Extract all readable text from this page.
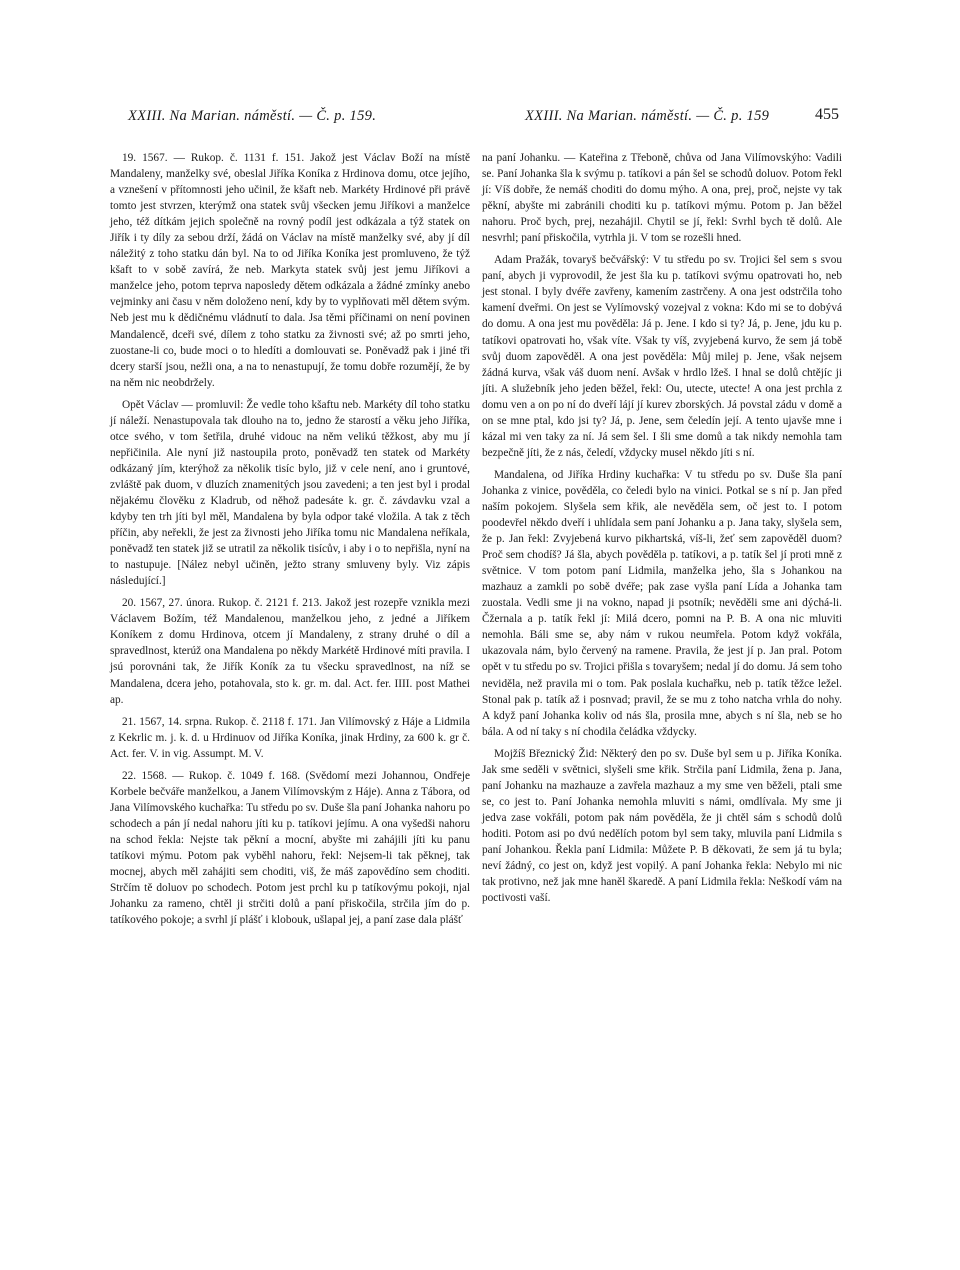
XXIII. Na Marian. náměstí. — Č. p. 159.	XXIII. Na Marian. náměstí. — Č. p. 159	455

19. 1567. — Rukop. č. 1131 f. 151. Jakož jest Václav Boží na místě Mandaleny, manželky své, obeslal Jiříka Koníka z Hrdinova domu, otce jejího, a vznešení v přítomnosti jeho učinil, že kšaft neb. Markéty Hrdinové při právě tomto jest stvrzen, kterýmž ona statek svůj všecken jemu Jiříkovi a manželce jeho, též dítkám jejich společně na rovný podíl jest odkázala a týž statek on Jiřík i ty díly za sebou drží, žádá on Václav na místě manželky své, aby jí díl náležitý z toho statku dán byl. Na to od Jiříka Koníka jest promluveno, že týž kšaft to v sobě zavírá, že neb. Markyta statek svůj jest jemu Jiříkovi a manželce jeho, potom teprva naposledy dětem odkázala a žádné zmínky anebo vejminky ani času v něm doloženo není, kdy by to vyplňovati měl dětem svým. Neb jest mu k dědičnému vládnutí to dala. Jsa těmi příčinami on není povinen Mandalencě, dceři své, dílem z toho statku za živnosti své; až po smrti jeho, zuostane-li co, bude moci o to hledíti a domlouvati se. Poněvadž pak i jiné tři dcery starší jsou, nežli ona, a na to nenastupují, že tomu dobře rozumějí, že by na něm nic neobdržely.

Opět Václav — promluvil: Že vedle toho kšaftu neb. Markéty díl toho statku jí náleží. Nenastupovala tak dlouho na to, jedno že starostí a věku jeho Jiříka, otce svého, v tom šetřila, druhé vidouc na něm velikú těžkost, aby mu jí nepřičinila. Ale nyní již nastoupila proto, poněvadž ten statek od Markéty odkázaný jím, kterýhož za několik tisíc bylo, již v cele není, ano i gruntové, zvláště pak duom, v dluzích znamenitých jsou zavedeni; a ten jest byl i prodal nějakému člověku z Kladrub, od něhož padesáte k. gr. č. závdavku vzal a kdyby ten trh jíti byl měl, Mandalena by byla odpor také vložila. A tak z těch příčin, aby neřekli, že jest za živnosti jeho Jiříka tomu nic Mandalena neříkala, poněvadž ten statek již se utratil za několik tisícův, i aby i o to nepřišla, nyní na to nastupuje. [Nález nebyl učiněn, ježto strany smluveny byly. Viz zápis následující.]

20. 1567, 27. února. Rukop. č. 2121 f. 213. Jakož jest rozepře vznikla mezi Václavem Božím, též Mandalenou, manželkou jeho, z jedné a Jiříkem Koníkem z domu Hrdinova, otcem jí Mandaleny, z strany druhé o díl a spravedlnost, kterúž ona Mandalena po někdy Markétě Hrdinové míti pravila. I jsú porovnáni tak, že Jiřík Koník za tu všecku spravedlnost, na níž se Mandalena, dcera jeho, potahovala, sto k. gr. m. dal. Act. fer. IIII. post Mathei ap.

21. 1567, 14. srpna. Rukop. č. 2118 f. 171. Jan Vilímovský z Háje a Lidmila z Kekrlic m. j. k. d. u Hrdinuov od Jiříka Koníka, jinak Hrdiny, za 600 k. gr č. Act. fer. V. in vig. Assumpt. M. V.

22. 1568. — Rukop. č. 1049 f. 168. (Svědomí mezi Johannou, Ondřeje Korbele bečváře manželkou, a Janem Vilímovským z Háje). Anna z Tábora, od Jana Vilímovského kuchařka: Tu středu po sv. Duše šla paní Johanka nahoru po schodech a pán jí nedal nahoru jíti ku p. tatíkovi jejímu. A ona vyšedši nahoru na schod řekla: Nejste tak pěkní a mocní, abyšte mi zahájili jíti ku panu tatíkovi mýmu. Potom pak vyběhl nahoru, řekl: Nejsem-li tak pěknej, tak mocnej, abych měl zahájiti sem choditi, viš, že máš zapovědíno sem choditi. Strčím tě doluov po schodech. Potom jest prchl ku p tatíkovýmu pokoji, njal Johanku za rameno, chtěl ji strčiti dolů a paní přiskočila, strčila jím do p. tatíkového pokoje; a svrhl jí plášť i klobouk, ušlapal jej, a paní zase dala plášť

na paní Johanku. — Kateřina z Třeboně, chůva od Jana Vilímovskýho: Vadili se. Paní Johanka šla k svýmu p. tatíkovi a pán šel se schodů doluov. Potom řekl jí: Víš dobře, že nemáš choditi do domu mýho. A ona, prej, proč, nejste vy tak pěkní, abyšte mi zabránili choditi ku p. tatíkovi mýmu. Potom p. Jan běžel nahoru. Proč bych, prej, nezahájil. Chytil se jí, řekl: Svrhl bych tě dolů. Ale nesvrhl; paní přiskočila, vytrhla ji. V tom se rozešli hned.

Adam Pražák, tovaryš bečvářský: V tu středu po sv. Trojici šel sem s svou paní, abych ji vyprovodil, že jest šla ku p. tatíkovi svýmu opatrovati ho, neb jest stonal. I byly dvéře zavřeny, kamením zastrčeny. A ona jest odstrčila toho kamení dveřmi. On jest se Vylímovský vozejval z vokna: Kdo mi se to dobývá do domu. A ona jest mu pověděla: Já p. Jene. I kdo si ty? Já, p. Jene, jdu ku p. tatíkovi opatrovati ho, však víte. Však ty víš, zvyjebená kurvo, že sem já tobě svůj duom zapověděl. A ona jest pověděla: Můj milej p. Jene, však nejsem žádná kurva, však váš duom není. Avšak v hrdlo lžeš. I hnal se dolů chtějíc ji jíti. A služebník jeho jeden běžel, řekl: Ou, utecte, utecte! A ona jest prchla z domu ven a on po ní do dveří lájí jí kurev zborských. Já povstal zádu v domě a on se mne ptal, kdo jsi ty? Já, p. Jene, sem čeledín její. A tento ujavše mne i kázal mi ven taky za ní. Já sem šel. I šli sme domů a tak nikdy nemohla tam bezpečně jíti, že z nás, čeledí, vždycky musel někdo jíti s ní.

Mandalena, od Jiříka Hrdiny kuchařka: V tu středu po sv. Duše šla paní Johanka z vinice, pověděla, co čeledi bylo na vinici. Potkal se s ní p. Jan před naším pokojem. Slyšela sem křik, ale nevěděla sem, oč jest to. I potom poodevřel někdo dveří i uhlídala sem paní Johanku a p. Jana taky, slyšela sem, že p. Jan řekl: Zvyjebená kurvo pikhartská, víš-li, žeť sem zapověděl duom? Proč sem chodíš? Já šla, abych pověděla p. tatíkovi, a p. tatík šel jí proti mně z světnice. V tom potom paní Lidmila, manželka jeho, šla s Johankou na mazhauz a zamkli po sobě dvéře; pak zase vyšla paní Lída a Johanka tam zuostala. Vedli sme ji na vokno, napad ji psotník; nevěděli sme ani dýchá-li. Čžernala a p. tatík řekl jí: Milá dcero, pomni na P. B. A ona nic mluviti nemohla. Báli sme se, aby nám v rukou neumřela. Potom když vokřála, ukazovala nám, bylo červený na ramene. Pravila, že jest jí p. Jan pral. Potom opět v tu středu po sv. Trojici přišla s tovaryšem; nedal jí do domu. Já sem toho neviděla, než pravila mi o tom. Pak poslala kuchařku, neb p. tatík těžce ležel. Stonal pak p. tatík až i posnvad; pravil, že se mu z toho natcha vrhla do nohy. A když paní Johanka koliv od nás šla, prosila mne, abych s ní šla, neb se ho bála. A od ní taky s ní chodila čeládka vždycky.

Mojžíš Březnický Žid: Některý den po sv. Duše byl sem u p. Jiříka Koníka. Jak sme seděli v světnici, slyšeli sme křik. Strčila paní Lidmila, žena p. Jana, paní Johanku na mazhauze a zavřela mazhauz a my sme ven běželi, ptali sme se, co jest to. Paní Johanka nemohla mluviti s námi, omdlívala. My sme ji jedva zase vokřáli, potom pak nám pověděla, že ji chtěl sám s schodů dolů hoditi. Potom asi po dvú nedělích potom byl sem taky, mluvila paní Lidmila s paní Johankou. Řekla paní Lidmila: Můžete P. B děkovati, že sem já tu byla; neví žádný, co jest on, když jest vopilý. A paní Johanka řekla: Nebylo mi nic tak protivno, než jak mne haněl škaredě. A paní Lidmila řekla: Neškodí vám na poctivosti vaší.
